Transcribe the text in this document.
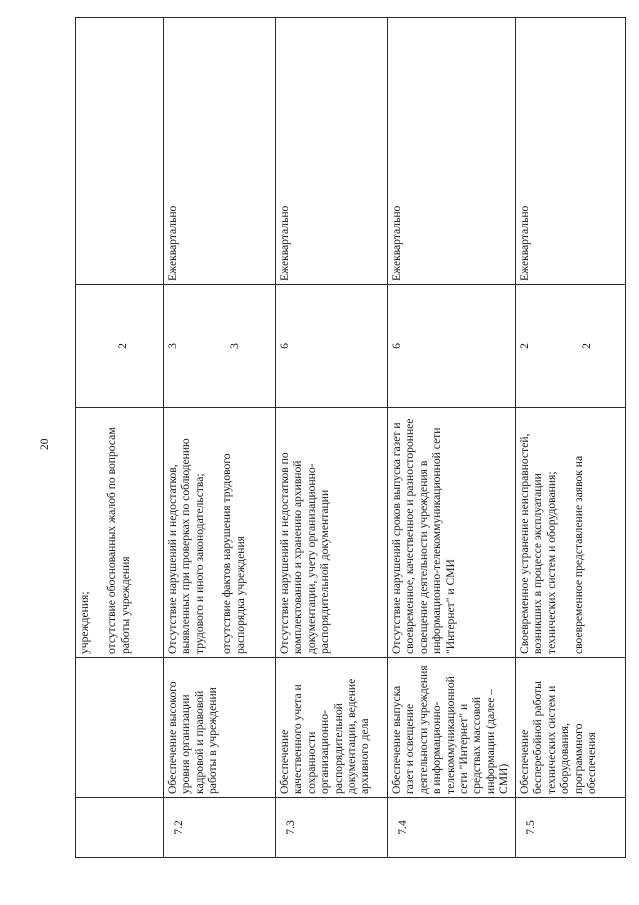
20

		учреждения; отсутствие обоснованных жалоб по вопросам работы учреждения	2	

7.2	Обеспечение высокого уровня организации кадровой и правовой работы в учреждении	Отсутствие нарушений и недостатков, выявленных при проверках по соблюдению трудового и иного законодательства; отсутствие фактов нарушения трудового распорядка учреждения	3 3	Ежеквартально
7.3	Обеспечение качественного учета и сохранности организационно-распорядительной документации, ведение архивного дела	Отсутствие нарушений и недостатков по комплектованию и хранению архивной документации, учету организационно-распорядительной документации	6	Ежеквартально
7.4	Обеспечение выпуска газет и освещение деятельности учреждения в информационно-телекоммуникационной сети "Интернет" и средствах массовой информации (далее – СМИ)	Отсутствие нарушений сроков выпуска газет и своевременное, качественное и разностороннее освещение деятельности учреждения в информационно-телекоммуникационной сети "Интернет" и СМИ	6	Ежеквартально
7.5	Обеспечение бесперебойной работы технических систем и оборудования, программного обеспечения	Своевременное устранение неисправностей, возникших в процессе эксплуатации технических систем и оборудования; своевременное представление заявок на	2 2	Ежеквартально
